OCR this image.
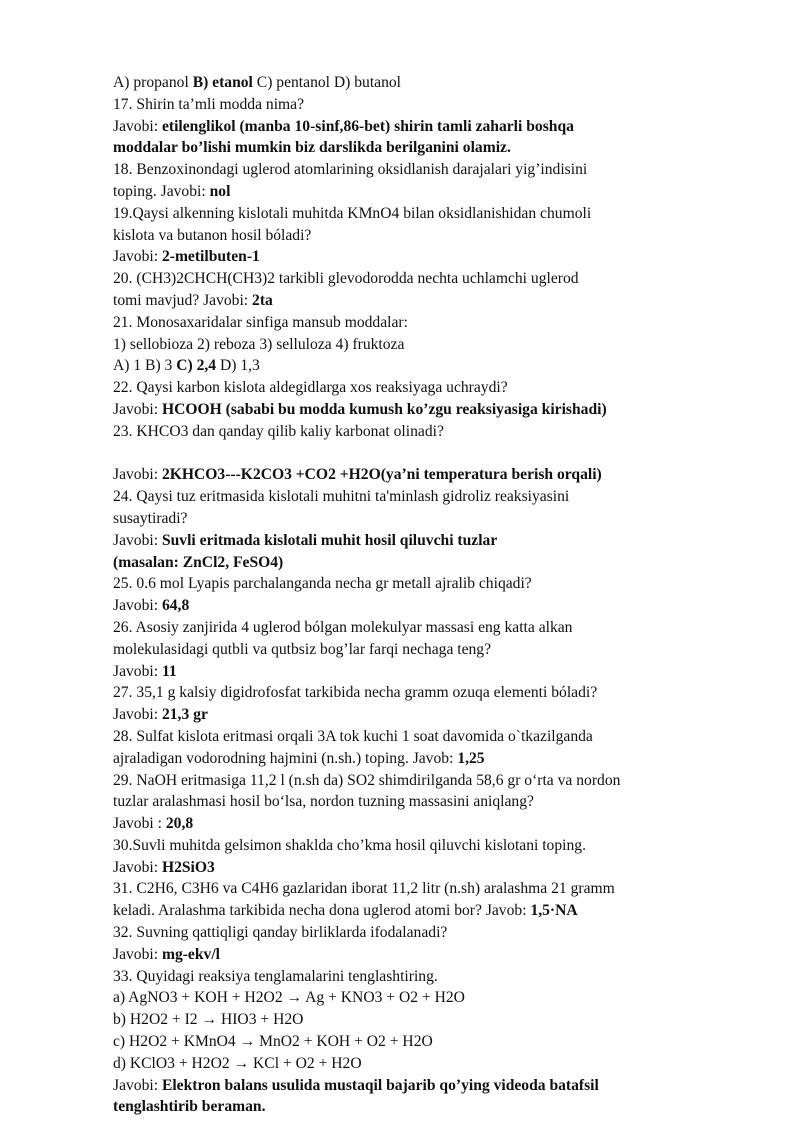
A) propanol B) etanol C) pentanol D) butanol
17. Shirin ta’mli modda nima?
Javobi: etilenglikol (manba 10-sinf,86-bet) shirin tamli zaharli boshqa
moddalar bo’lishi mumkin biz darslikda berilganini olamiz.
18. Benzoxinondagi uglerod atomlarining oksidlanish darajalari yig’indisini
toping. Javobi: nol
19.Qaysi alkenning kislotali muhitda KMnO4 bilan oksidlanishidan chumoli
kislota va butanon hosil bóladi?
Javobi: 2-metilbuten-1
20. (CH3)2CHCH(CH3)2 tarkibli glevodorodda nechta uchlamchi uglerod
tomi mavjud? Javobi: 2ta
21. Monosaxaridalar sinfiga mansub moddalar:
1) sellobioza 2) reboza 3) selluloza 4) fruktoza
A) 1 B) 3 C) 2,4 D) 1,3
22. Qaysi karbon kislota aldegidlarga xos reaksiyaga uchraydi?
Javobi: HCOOH (sababi bu modda kumush ko’zgu reaksiyasiga kirishadi)
23. KHCO3 dan qanday qilib kaliy karbonat olinadi?
Javobi: 2KHCO3---K2CO3 +CO2 +H2O(ya’ni temperatura berish orqali)
24. Qaysi tuz eritmasida kislotali muhitni ta'minlash gidroliz reaksiyasini
susaytiradi?
Javobi: Suvli eritmada kislotali muhit hosil qiluvchi tuzlar
(masalan: ZnCl2, FeSO4)
25. 0.6 mol Lyapis parchalanganda necha gr metall ajralib chiqadi?
Javobi: 64,8
26. Asosiy zanjirida 4 uglerod bólgan molekulyar massasi eng katta alkan
molekulasidagi qutbli va qutbsiz bog’lar farqi nechaga teng?
Javobi: 11
27. 35,1 g kalsiy digidrofosfat tarkibida necha gramm ozuqa elementi bóladi?
Javobi: 21,3 gr
28. Sulfat kislota eritmasi orqali 3A tok kuchi 1 soat davomida o`tkazilganda
ajraladigan vodorodning hajmini (n.sh.) toping. Javob: 1,25
29. NaOH eritmasiga 11,2 l (n.sh da) SO2 shimdirilganda 58,6 gr o‘rta va nordon
tuzlar aralashmasi hosil bo‘lsa, nordon tuzning massasini aniqlang?
Javobi : 20,8
30.Suvli muhitda gelsimon shaklda cho’kma hosil qiluvchi kislotani toping.
Javobi: H2SiO3
31. C2H6, C3H6 va C4H6 gazlaridan iborat 11,2 litr (n.sh) aralashma 21 gramm
keladi. Aralashma tarkibida necha dona uglerod atomi bor? Javob: 1,5·NA
32. Suvning qattiqligi qanday birliklarda ifodalanadi?
Javobi: mg-ekv/l
33. Quyidagi reaksiya tenglamalarini tenglashtiring.
a) AgNO3 + KOH + H2O2 → Ag + KNO3 + O2 + H2O
b) H2O2 + I2 → HIO3 + H2O
c) H2O2 + KMnO4 → MnO2 + KOH + O2 + H2O
d) KClO3 + H2O2 → KCl + O2 + H2O
Javobi: Elektron balans usulida mustaqil bajarib qo’ying videoda batafsil
tenglashtirib beraman.
